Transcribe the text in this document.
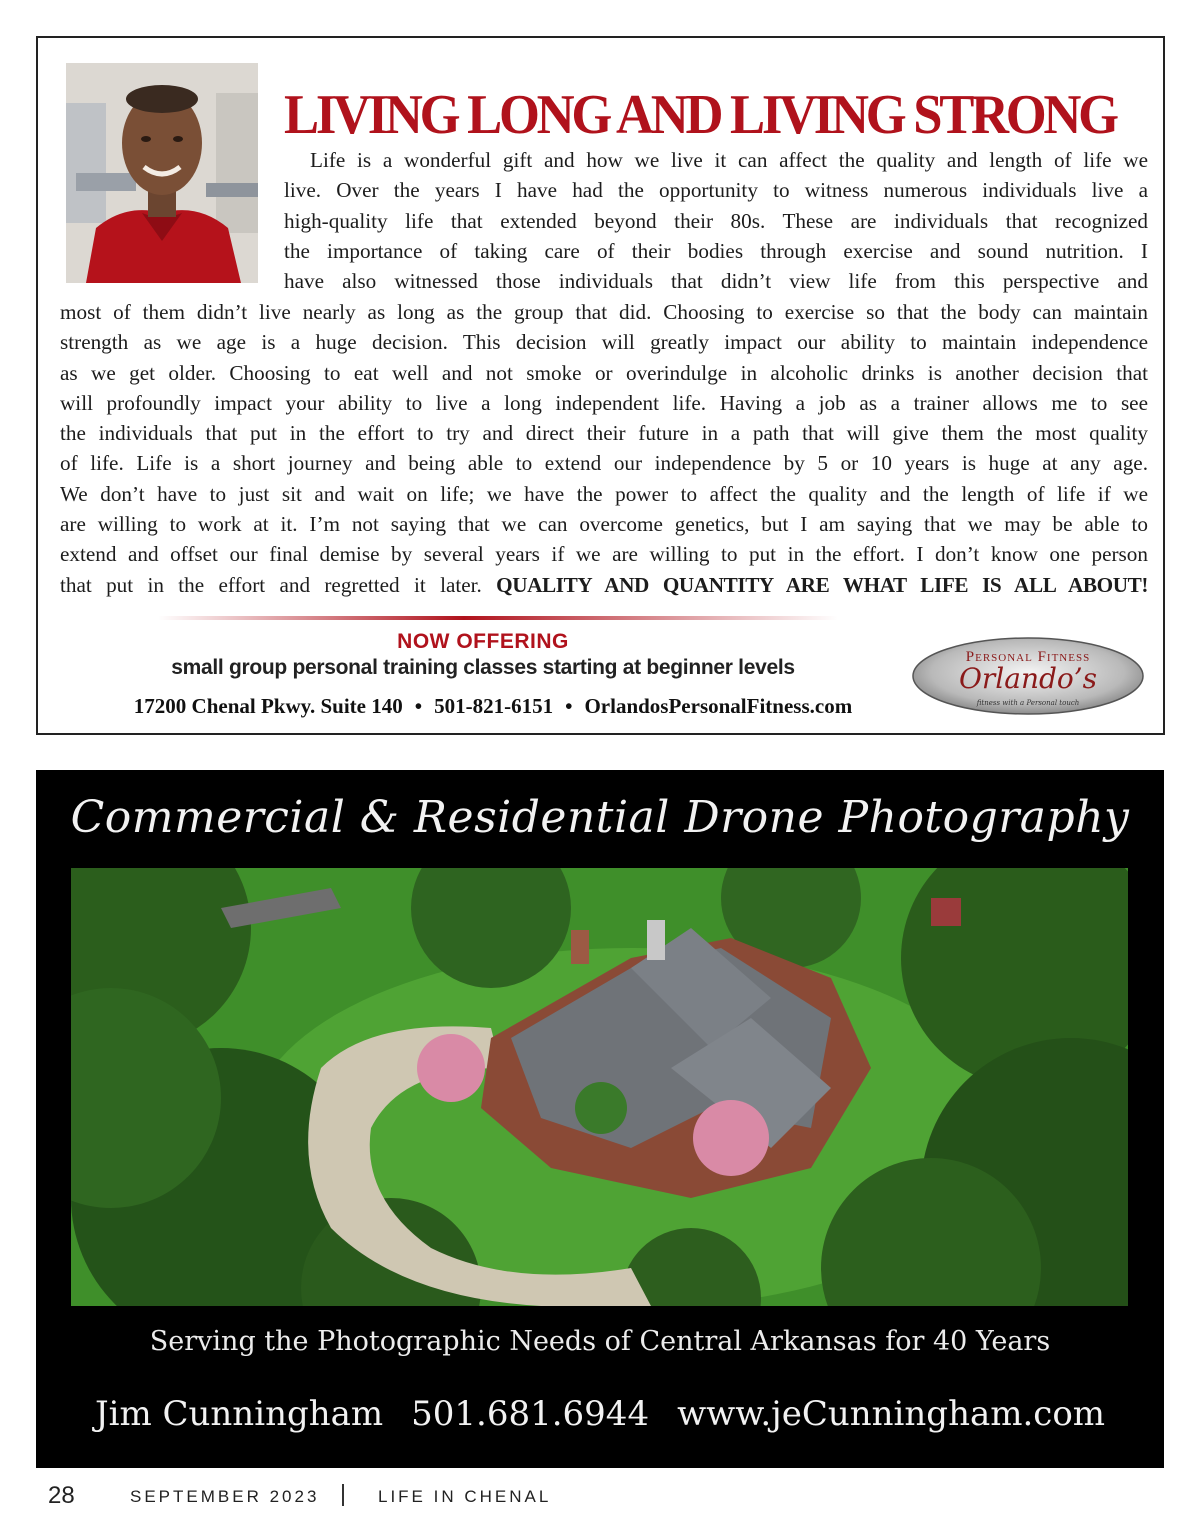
LIVING LONG AND LIVING STRONG
Life is a wonderful gift and how we live it can affect the quality and length of life we
live. Over the years I have had the opportunity to witness numerous individuals live a
high-quality life that extended beyond their 80s. These are individuals that recognized
the importance of taking care of their bodies through exercise and sound nutrition. I
have also witnessed those individuals that didn’t view life from this perspective and
most of them didn’t live nearly as long as the group that did. Choosing to exercise so that the body can maintain
strength as we age is a huge decision. This decision will greatly impact our ability to maintain independence
as we get older. Choosing to eat well and not smoke or overindulge in alcoholic drinks is another decision that
will profoundly impact your ability to live a long independent life. Having a job as a trainer allows me to see
the individuals that put in the effort to try and direct their future in a path that will give them the most quality
of life. Life is a short journey and being able to extend our independence by 5 or 10 years is huge at any age.
We don’t have to just sit and wait on life; we have the power to affect the quality and the length of life if we
are willing to work at it. I’m not saying that we can overcome genetics, but I am saying that we may be able to
extend and offset our final demise by several years if we are willing to put in the effort. I don’t know one person
that put in the effort and regretted it later. QUALITY AND QUANTITY ARE WHAT LIFE IS ALL ABOUT!
NOW OFFERING
small group personal training classes starting at beginner levels
17200 Chenal Pkwy. Suite 140 • 501-821-6151 • OrlandosPersonalFitness.com
Personal Fitness
Orlando’s
fitness with a Personal touch
Commercial & Residential Drone Photography
Serving the Photographic Needs of Central Arkansas for 40 Years
Jim Cunningham 501.681.6944 www.jeCunningham.com
28	SEPTEMBER 2023	LIFE IN CHENAL
